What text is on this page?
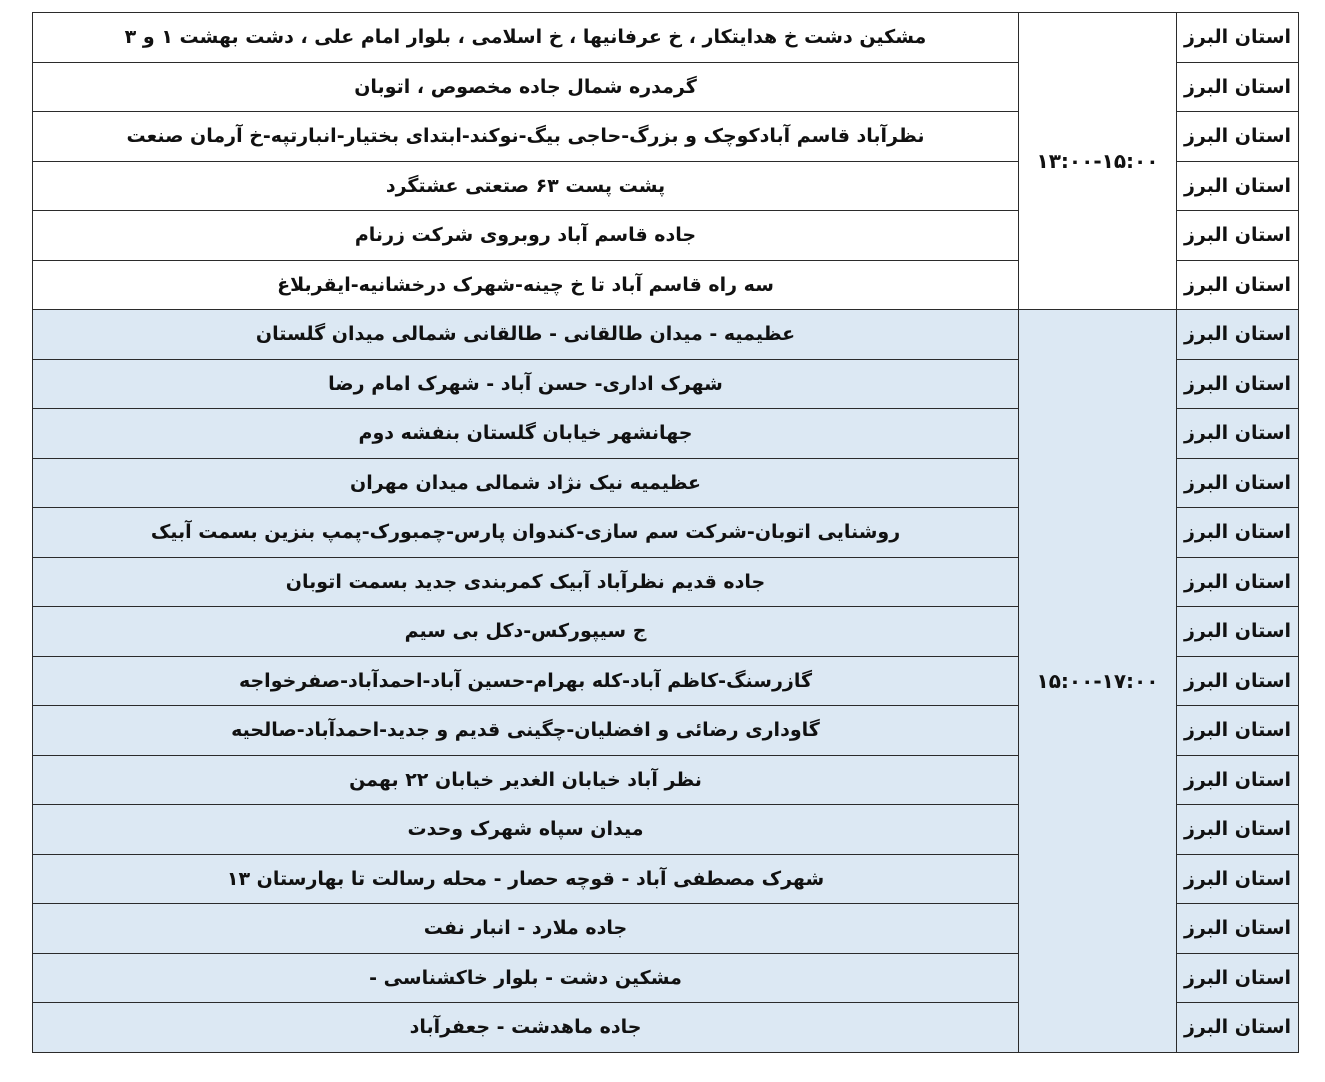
مشکین دشت خ هدایتکار ، خ عرفانیها ، خ اسلامی ، بلوار امام علی ، دشت بهشت ۱ و ۳	۱۳:۰۰-۱۵:۰۰	استان البرز
گرمدره شمال جاده مخصوص ، اتوبان		استان البرز
نظرآباد قاسم آبادکوچک و بزرگ-حاجی بیگ-نوکند-ابتدای بختیار-انبارتپه-خ آرمان صنعت		استان البرز
پشت پست ۶۳ صتعتی عشتگرد		استان البرز
جاده قاسم آباد روبروی شرکت زرنام		استان البرز
سه راه قاسم آباد تا خ چینه-شهرک درخشانیه-ایقربلاغ		استان البرز
عظیمیه - میدان طالقانی - طالقانی شمالی میدان گلستان	۱۵:۰۰-۱۷:۰۰	استان البرز
شهرک اداری- حسن آباد - شهرک امام رضا		استان البرز
جهانشهر خیابان گلستان بنفشه دوم		استان البرز
عظیمیه نیک نژاد شمالی میدان مهران		استان البرز
روشنایی اتوبان-شرکت سم سازی-کندوان پارس-چمبورک-پمپ بنزین بسمت آبیک		استان البرز
جاده قدیم نظرآباد آبیک کمربندی جدید بسمت اتوبان		استان البرز
ج سیپورکس-دکل بی سیم		استان البرز
گازرسنگ-کاظم آباد-کله بهرام-حسین آباد-احمدآباد-صفرخواجه		استان البرز
گاوداری رضائی و افضلیان-چگینی قدیم و جدید-احمدآباد-صالحیه		استان البرز
نظر آباد خیابان الغدیر خیابان ۲۲ بهمن		استان البرز
میدان سپاه شهرک وحدت		استان البرز
شهرک مصطفی آباد - قوچه حصار - محله رسالت تا بهارستان ۱۳		استان البرز
جاده ملارد - انبار نفت		استان البرز
مشکین دشت - بلوار خاکشناسی -		استان البرز
جاده ماهدشت - جعفرآباد		استان البرز
